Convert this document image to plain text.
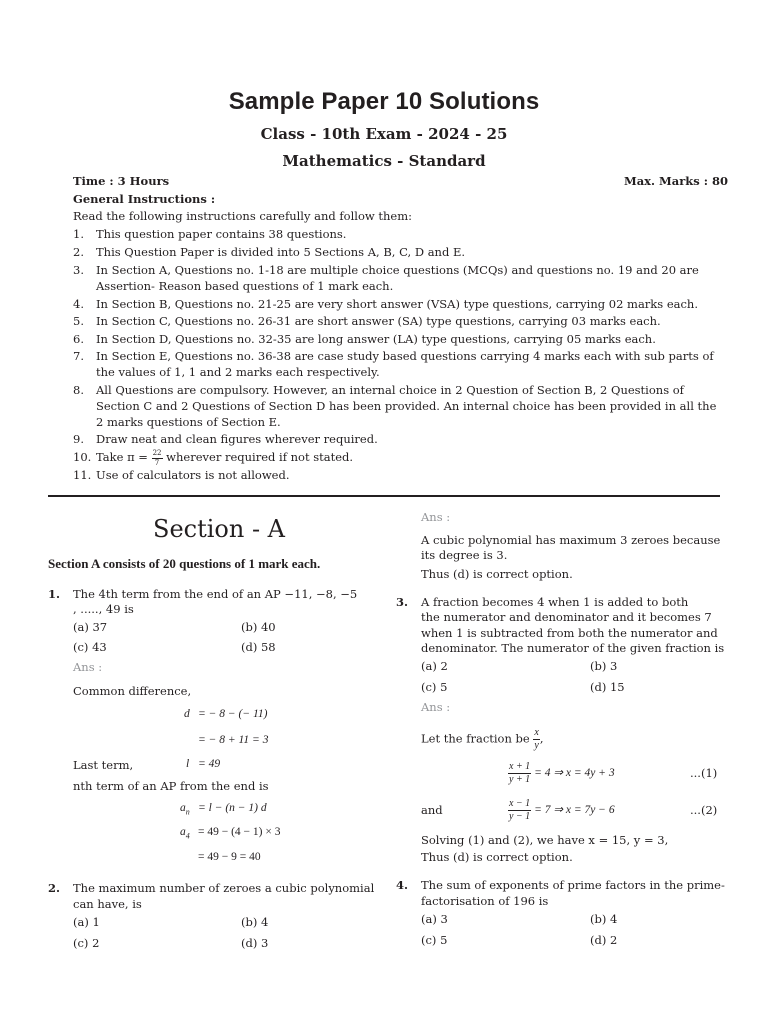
Sample Paper 10 Solutions
Class - 10th Exam - 2024 - 25
Mathematics - Standard
Time : 3 Hours	Max. Marks : 80
General Instructions :
Read the following instructions carefully and follow them:
1. This question paper contains 38 questions.
2. This Question Paper is divided into 5 Sections A, B, C, D and E.
3. In Section A, Questions no. 1-18 are multiple choice questions (MCQs) and questions no. 19 and 20 are Assertion- Reason based questions of 1 mark each.
4. In Section B, Questions no. 21-25 are very short answer (VSA) type questions, carrying 02 marks each.
5. In Section C, Questions no. 26-31 are short answer (SA) type questions, carrying 03 marks each.
6. In Section D, Questions no. 32-35 are long answer (LA) type questions, carrying 05 marks each.
7. In Section E, Questions no. 36-38 are case study based questions carrying 4 marks each with sub parts of the values of 1, 1 and 2 marks each respectively.
8. All Questions are compulsory. However, an internal choice in 2 Question of Section B, 2 Questions of Section C and 2 Questions of Section D has been provided. An internal choice has been provided in all the 2 marks questions of Section E.
9. Draw neat and clean figures wherever required.
10. Take $\pi = \frac{22}{7}$ wherever required if not stated.
11. Use of calculators is not allowed.
Section - A
Section A consists of 20 questions of 1 mark each.
1. The 4th term from the end of an AP −11, −8, −5
, ....., 49 is
(a) 37	(b) 40
(c) 43	(d) 58
Ans :
Common difference,
d = − 8 − (− 11)
= − 8 + 11 = 3
Last term,	l = 49
nth term of an AP from the end is
$a_n = l - (n - 1)$ d
$a_4 = 49 - (4 - 1) \times 3$
= 49 − 9 = 40
2. The maximum number of zeroes a cubic polynomial
can have, is
(a) 1	(b) 4
(c) 2	(d) 3
Ans :
A cubic polynomial has maximum 3 zeroes because
its degree is 3.
Thus (d) is correct option.
3. A fraction becomes 4 when 1 is added to both
the numerator and denominator and it becomes 7
when 1 is subtracted from both the numerator and
denominator. The numerator of the given fraction is
(a) 2	(b) 3
(c) 5	(d) 15
Ans :
Let the fraction be $\frac{x}{y}$ ,
$\frac{x + 1}{y + 1} = 4$ ⇒ x = 4y + 3	...(1)
and	$\frac{x - 1}{y - 1} = 7$ ⇒ x = 7y − 6	...(2)
Solving (1) and (2), we have x = 15, y = 3,
Thus (d) is correct option.
4. The sum of exponents of prime factors in the prime-
factorisation of 196 is
(a) 3	(b) 4
(c) 5	(d) 2
